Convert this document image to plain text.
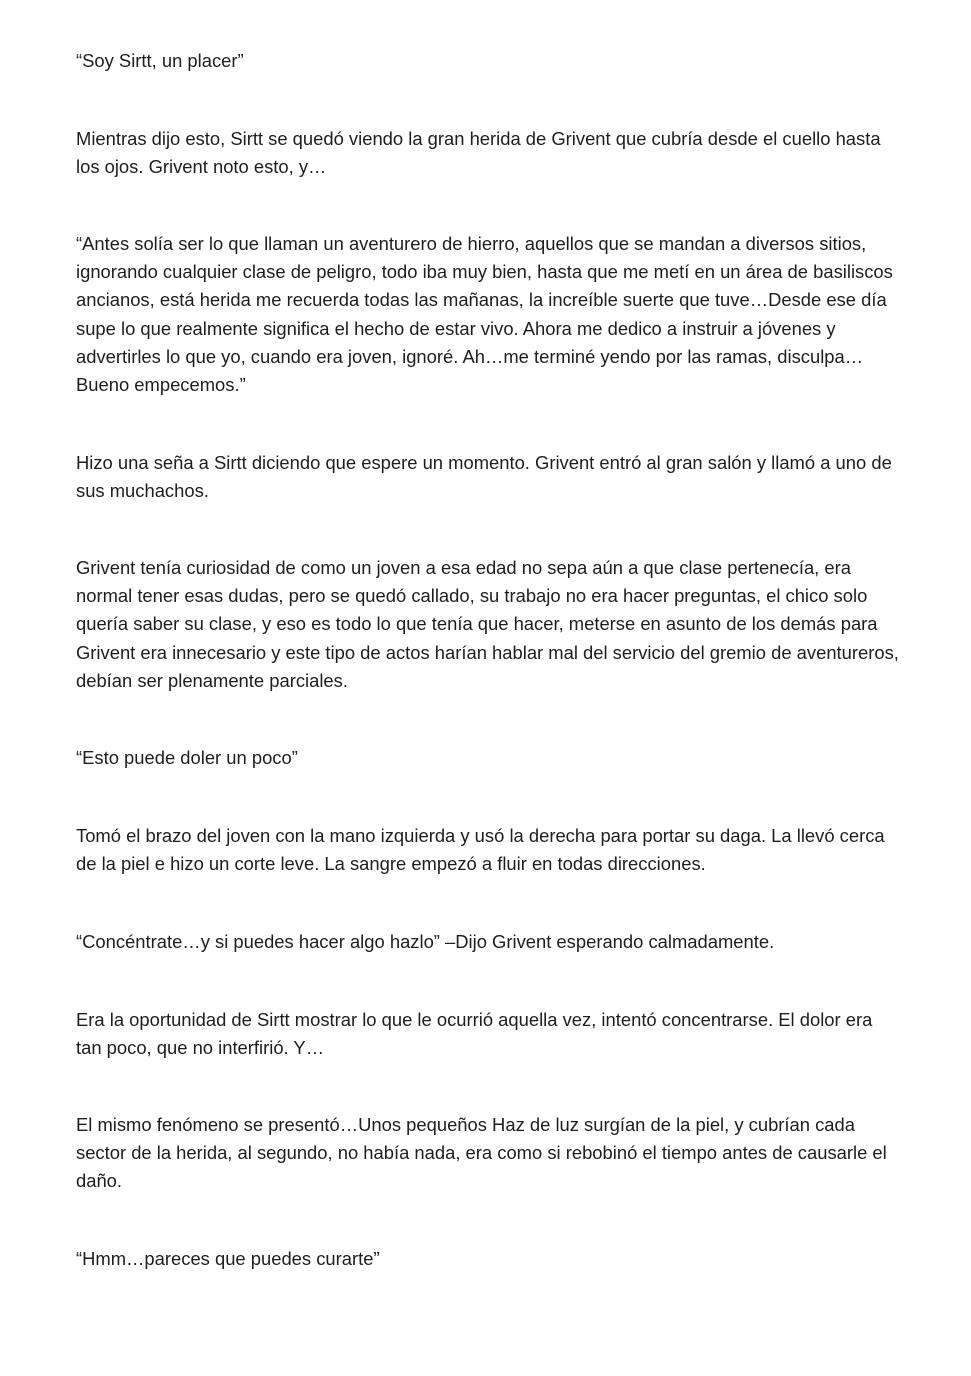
“Soy Sirtt, un placer”

Mientras dijo esto, Sirtt se quedó viendo la gran herida de Grivent que cubría desde el cuello hasta los ojos. Grivent noto esto, y…

“Antes solía ser lo que llaman un aventurero de hierro, aquellos que se mandan a diversos sitios, ignorando cualquier clase de peligro, todo iba muy bien, hasta que me metí en un área de basiliscos ancianos, está herida me recuerda todas las mañanas, la increíble suerte que tuve…Desde ese día supe lo que realmente significa el hecho de estar vivo. Ahora me dedico a instruir a jóvenes y advertirles lo que yo, cuando era joven, ignoré. Ah…me terminé yendo por las ramas, disculpa…Bueno empecemos.”

Hizo una seña a Sirtt diciendo que espere un momento. Grivent entró al gran salón y llamó a uno de sus muchachos.

Grivent tenía curiosidad de como un joven a esa edad no sepa aún a que clase pertenecía, era normal tener esas dudas, pero se quedó callado, su trabajo no era hacer preguntas, el chico solo quería saber su clase, y eso es todo lo que tenía que hacer, meterse en asunto de los demás para Grivent era innecesario y este tipo de actos harían hablar mal del servicio del gremio de aventureros, debían ser plenamente parciales.

“Esto puede doler un poco”

Tomó el brazo del joven con la mano izquierda y usó la derecha para portar su daga. La llevó cerca de la piel e hizo un corte leve. La sangre empezó a fluir en todas direcciones.

“Concéntrate…y si puedes hacer algo hazlo” –Dijo Grivent esperando calmadamente.

Era la oportunidad de Sirtt mostrar lo que le ocurrió aquella vez, intentó concentrarse. El dolor era tan poco, que no interfirió. Y…

El mismo fenómeno se presentó…Unos pequeños Haz de luz surgían de la piel, y cubrían cada sector de la herida, al segundo, no había nada, era como si rebobinó el tiempo antes de causarle el daño.

“Hmm…pareces que puedes curarte”
